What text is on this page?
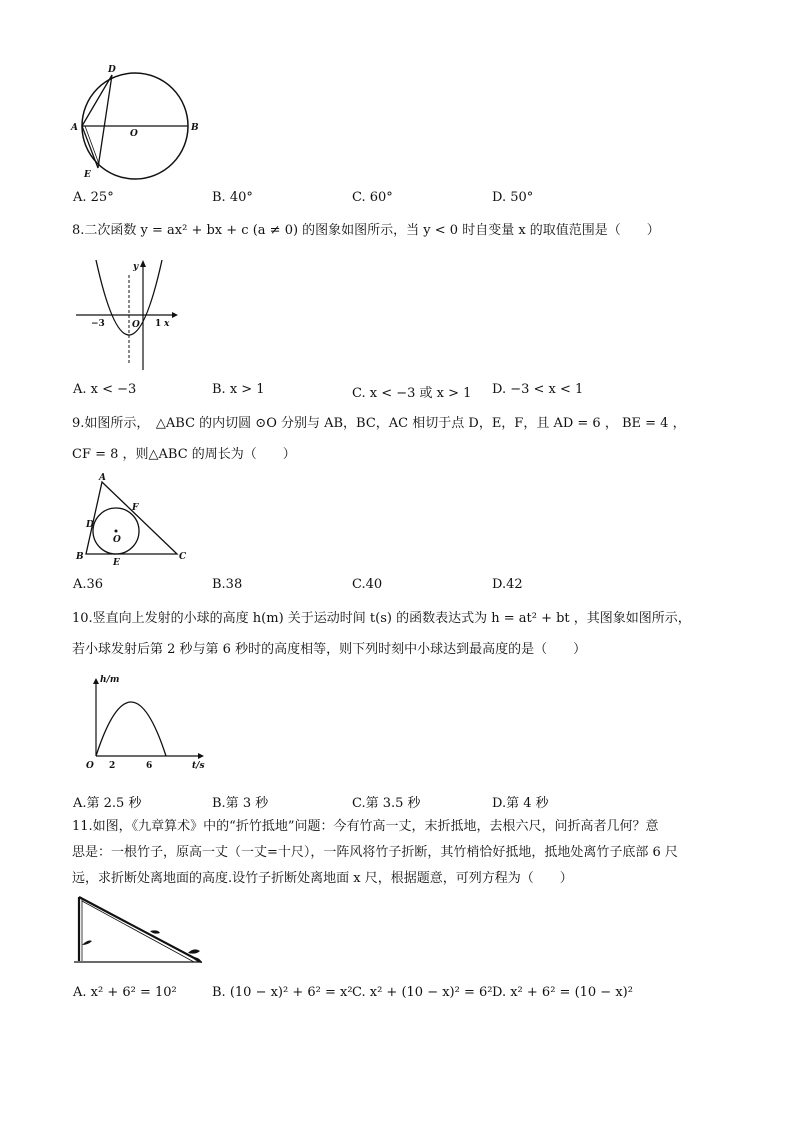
D
A
O
B
E
A. 25°	B. 40°	C. 60°	D. 50°
8.二次函数 y = ax² + bx + c (a ≠ 0) 的图象如图所示，当 y < 0 时自变量 x 的取值范围是（　　）
y
−3	O 1 x
A. x < −3	B. x > 1	C. x < −3 或 x > 1 D. −3 < x < 1
9.如图所示，　△ABC 的内切圆 ⊙O 分别与 AB，BC，AC 相切于点 D，E，F，且 AD = 6 ， BE = 4 ，
CF = 8 ，则△ABC 的周长为（　　）
A
F
D
O
B
E
C
A.36	B.38	C.40	D.42
10.竖直向上发射的小球的高度 h(m) 关于运动时间 t(s) 的函数表达式为 h = at² + bt ，其图象如图所示，
若小球发射后第 2 秒与第 6 秒时的高度相等，则下列时刻中小球达到最高度的是（　　）
h/m
O 2	6	t/s
A.第 2.5 秒	B.第 3 秒	C.第 3.5 秒	D.第 4 秒
11.如图，《九章算术》中的“折竹抵地”问题：今有竹高一丈，末折抵地，去根六尺，问折高者几何？意
思是：一根竹子，原高一丈（一丈=十尺），一阵风将竹子折断，其竹梢恰好抵地，抵地处离竹子底部 6 尺
远，求折断处离地面的高度.设竹子折断处离地面 x 尺，根据题意，可列方程为（　　）
A. x² + 6² = 10²	B. (10 − x)² + 6² = x² C. x² + (10 − x)² = 6² D. x² + 6² = (10 − x)²
